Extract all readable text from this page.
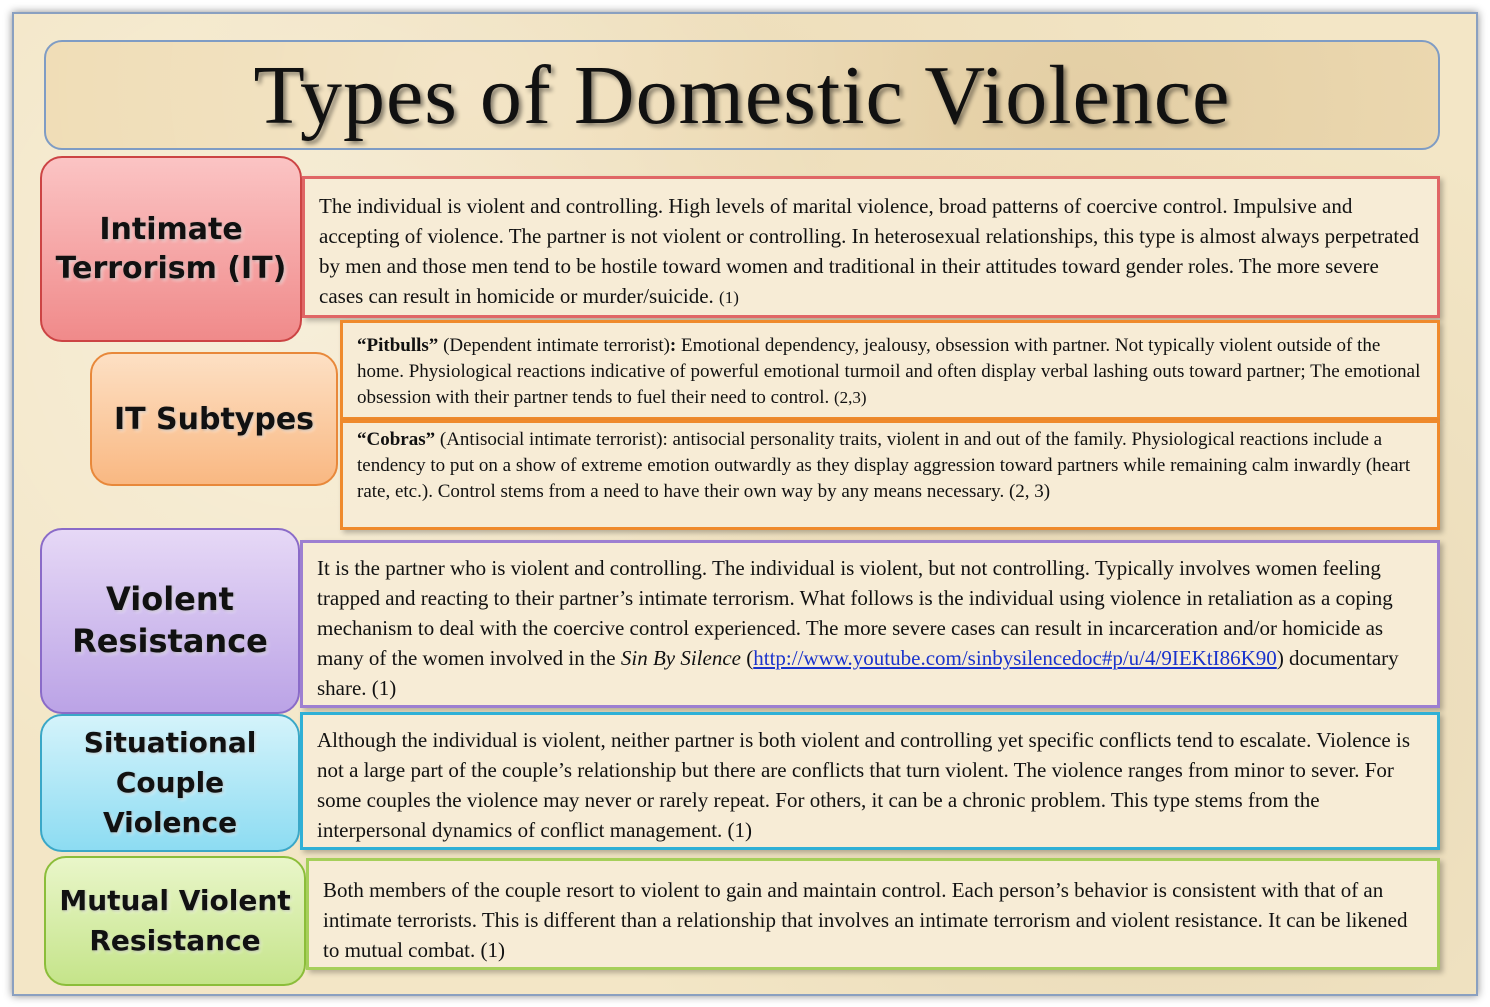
Types of Domestic Violence
The individual is violent and controlling. High levels of marital violence, broad patterns of coercive control. Impulsive and accepting of violence. The partner is not violent or controlling. In heterosexual relationships, this type is almost always perpetrated by men and those men tend to be hostile toward women and traditional in their attitudes toward gender roles. The more severe cases can result in homicide or murder/suicide. (1)
Intimate
Terrorism (IT)
“Pitbulls” (Dependent intimate terrorist): Emotional dependency, jealousy, obsession with partner. Not typically violent outside of the home. Physiological reactions indicative of powerful emotional turmoil and often display verbal lashing outs toward partner; The emotional obsession with their partner tends to fuel their need to control. (2,3)
“Cobras” (Antisocial intimate terrorist): antisocial personality traits, violent in and out of the family. Physiological reactions include a tendency to put on a show of extreme emotion outwardly as they display aggression toward partners while remaining calm inwardly (heart rate, etc.). Control stems from a need to have their own way by any means necessary. (2, 3)
IT Subtypes
It is the partner who is violent and controlling. The individual is violent, but not controlling. Typically involves women feeling trapped and reacting to their partner’s intimate terrorism. What follows is the individual using violence in retaliation as a coping mechanism to deal with the coercive control experienced. The more severe cases can result in incarceration and/or homicide as many of the women involved in the Sin By Silence (http://www.youtube.com/sinbysilencedoc#p/u/4/9IEKtI86K90) documentary share. (1)
Violent
Resistance
Although the individual is violent, neither partner is both violent and controlling yet specific conflicts tend to escalate. Violence is not a large part of the couple’s relationship but there are conflicts that turn violent. The violence ranges from minor to sever. For some couples the violence may never or rarely repeat. For others, it can be a chronic problem. This type stems from the interpersonal dynamics of conflict management. (1)
Situational
Couple
Violence
Both members of the couple resort to violent to gain and maintain control. Each person’s behavior is consistent with that of an intimate terrorists. This is different than a relationship that involves an intimate terrorism and violent resistance. It can be likened to mutual combat. (1)
Mutual Violent
Resistance
